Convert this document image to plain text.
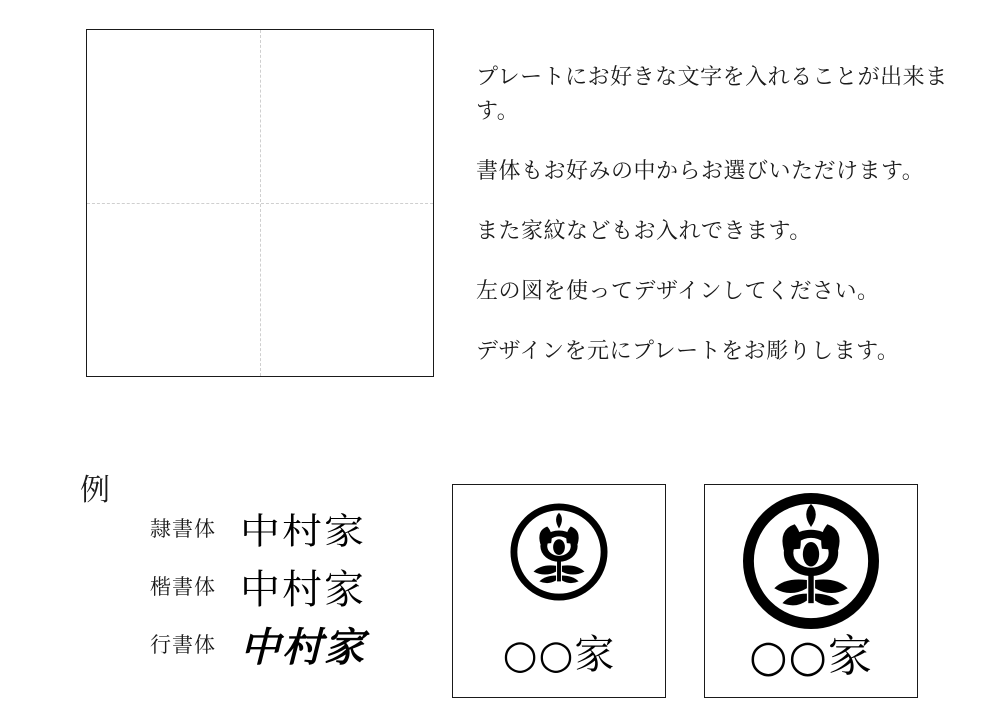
プレートにお好きな文字を入れることが出来ます。

書体もお好みの中からお選びいただけます。

また家紋などもお入れできます。

左の図を使ってデザインしてください。

デザインを元にプレートをお彫りします。

例
隷書体 中村家
楷書体 中村家
行書体 中村家	○○家	○○家
